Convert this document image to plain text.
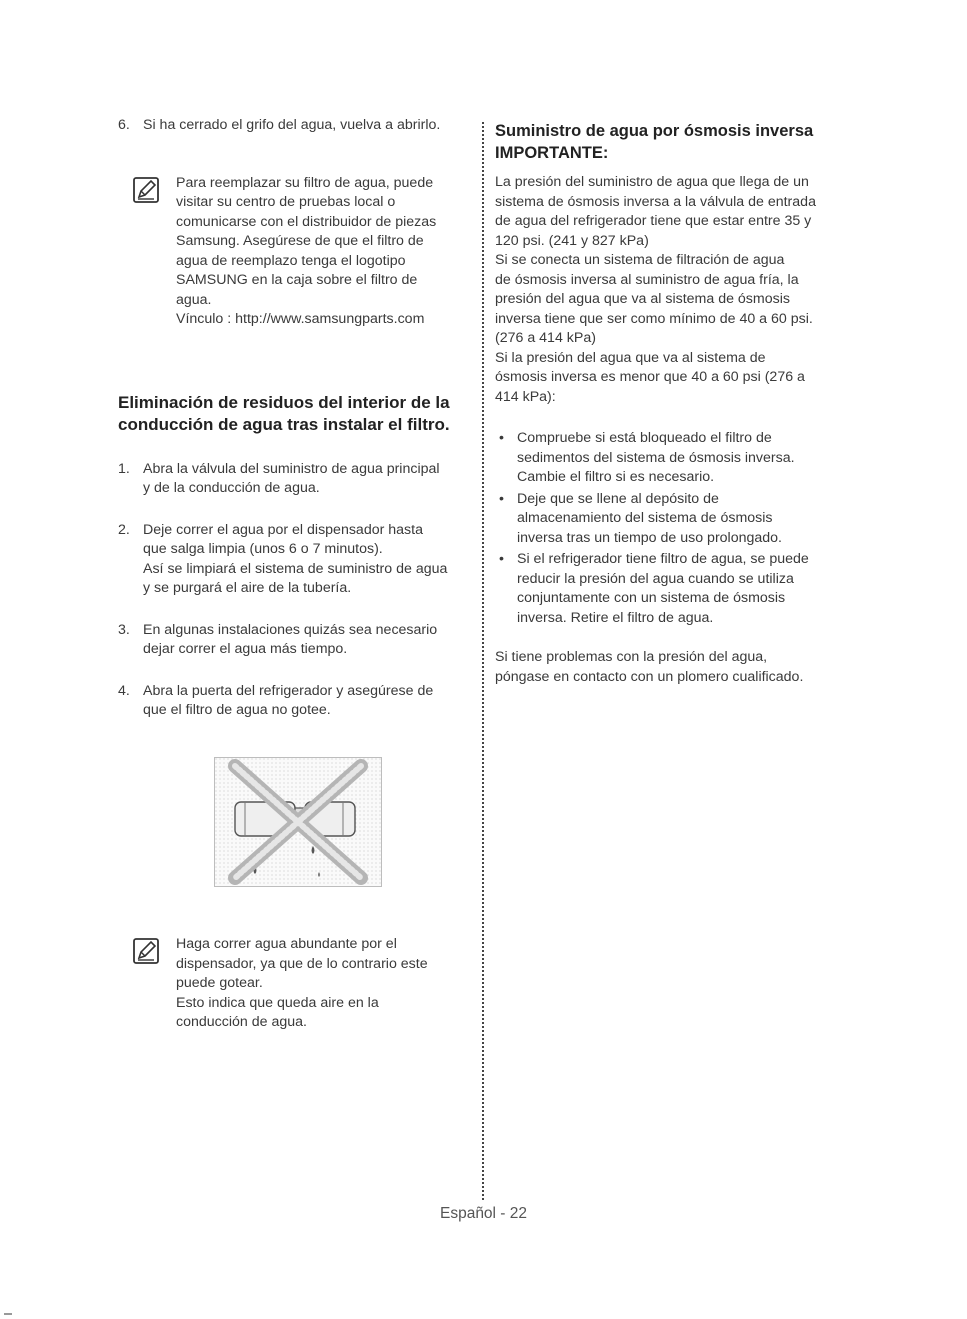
6. Si ha cerrado el grifo del agua, vuelva a abrirlo.

Para reemplazar su filtro de agua, puede

visitar su centro de pruebas local o

comunicarse con el distribuidor de piezas

Samsung. Asegúrese de que el filtro de

agua de reemplazo tenga el logotipo

SAMSUNG en la caja sobre el filtro de

agua.

Vínculo : http://www.samsungparts.com

Eliminación de residuos del interior de la

conducción de agua tras instalar el filtro.

1. Abra la válvula del suministro de agua principal

y de la conducción de agua.

2. Deje correr el agua por el dispensador hasta

que salga limpia (unos 6 o 7 minutos).

Así se limpiará el sistema de suministro de agua

y se purgará el aire de la tubería.

3. En algunas instalaciones quizás sea necesario

dejar correr el agua más tiempo.

4. Abra la puerta del refrigerador y asegúrese de

que el filtro de agua no gotee.

Haga correr agua abundante por el

dispensador, ya que de lo contrario este

puede gotear.

Esto indica que queda aire en la

conducción de agua.

Suministro de agua por ósmosis inversa

IMPORTANTE:

La presión del suministro de agua que llega de un

sistema de ósmosis inversa a la válvula de entrada

de agua del refrigerador tiene que estar entre 35 y

120 psi. (241 y 827 kPa)

Si se conecta un sistema de filtración de agua

de ósmosis inversa al suministro de agua fría, la

presión del agua que va al sistema de ósmosis

inversa tiene que ser como mínimo de 40 a 60 psi.

(276 a 414 kPa)

Si la presión del agua que va al sistema de

ósmosis inversa es menor que 40 a 60 psi (276 a

414 kPa):

• Compruebe si está bloqueado el filtro de

sedimentos del sistema de ósmosis inversa.

Cambie el filtro si es necesario.

• Deje que se llene al depósito de

almacenamiento del sistema de ósmosis

inversa tras un tiempo de uso prolongado.

• Si el refrigerador tiene filtro de agua, se puede

reducir la presión del agua cuando se utiliza

conjuntamente con un sistema de ósmosis

inversa. Retire el filtro de agua.

Si tiene problemas con la presión del agua,

póngase en contacto con un plomero cualificado.

Español - 22
